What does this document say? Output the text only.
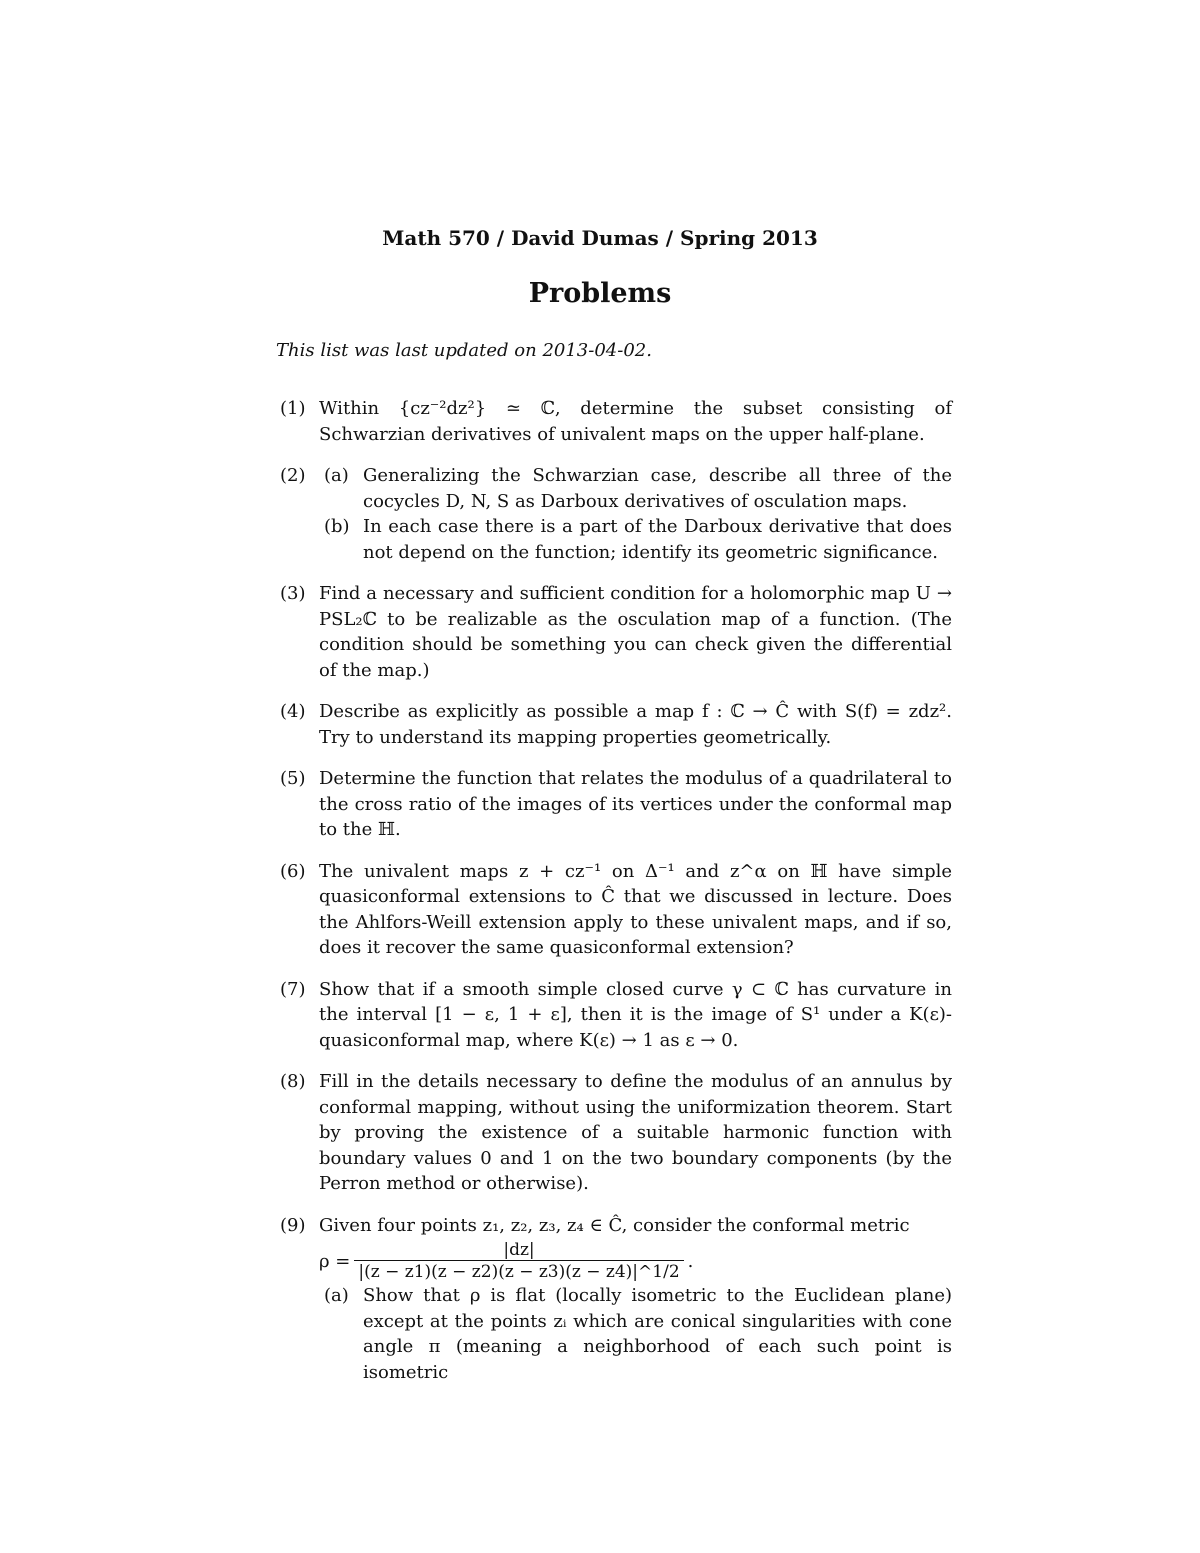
Math 570 / David Dumas / Spring 2013
Problems
This list was last updated on 2013-04-02.
(1) Within {cz⁻²dz²} ≃ ℂ, determine the subset consisting of Schwarzian derivatives of univalent maps on the upper half-plane.
(2) (a) Generalizing the Schwarzian case, describe all three of the cocycles D, N, S as Darboux derivatives of osculation maps.
(b) In each case there is a part of the Darboux derivative that does not depend on the function; identify its geometric significance.
(3) Find a necessary and sufficient condition for a holomorphic map U → PSL₂ℂ to be realizable as the osculation map of a function. (The condition should be something you can check given the differential of the map.)
(4) Describe as explicitly as possible a map f : ℂ → Ĉ with S(f) = zdz². Try to understand its mapping properties geometrically.
(5) Determine the function that relates the modulus of a quadrilateral to the cross ratio of the images of its vertices under the conformal map to the ℍ.
(6) The univalent maps z + cz⁻¹ on Δ⁻¹ and z^α on ℍ have simple quasiconformal extensions to Ĉ that we discussed in lecture. Does the Ahlfors-Weill extension apply to these univalent maps, and if so, does it recover the same quasiconformal extension?
(7) Show that if a smooth simple closed curve γ ⊂ ℂ has curvature in the interval [1 − ε, 1 + ε], then it is the image of S¹ under a K(ε)-quasiconformal map, where K(ε) → 1 as ε → 0.
(8) Fill in the details necessary to define the modulus of an annulus by conformal mapping, without using the uniformization theorem. Start by proving the existence of a suitable harmonic function with boundary values 0 and 1 on the two boundary components (by the Perron method or otherwise).
(9) Given four points z₁, z₂, z₃, z₄ ∈ Ĉ, consider the conformal metric
$\rho = \frac{|dz|}{|(z - z1)(z - z2)(z - z3)(z - z4)|\^{}1/2}$ .
(a) Show that ρ is flat (locally isometric to the Euclidean plane) except at the points zᵢ which are conical singularities with cone angle π (meaning a neighborhood of each such point is isometric
